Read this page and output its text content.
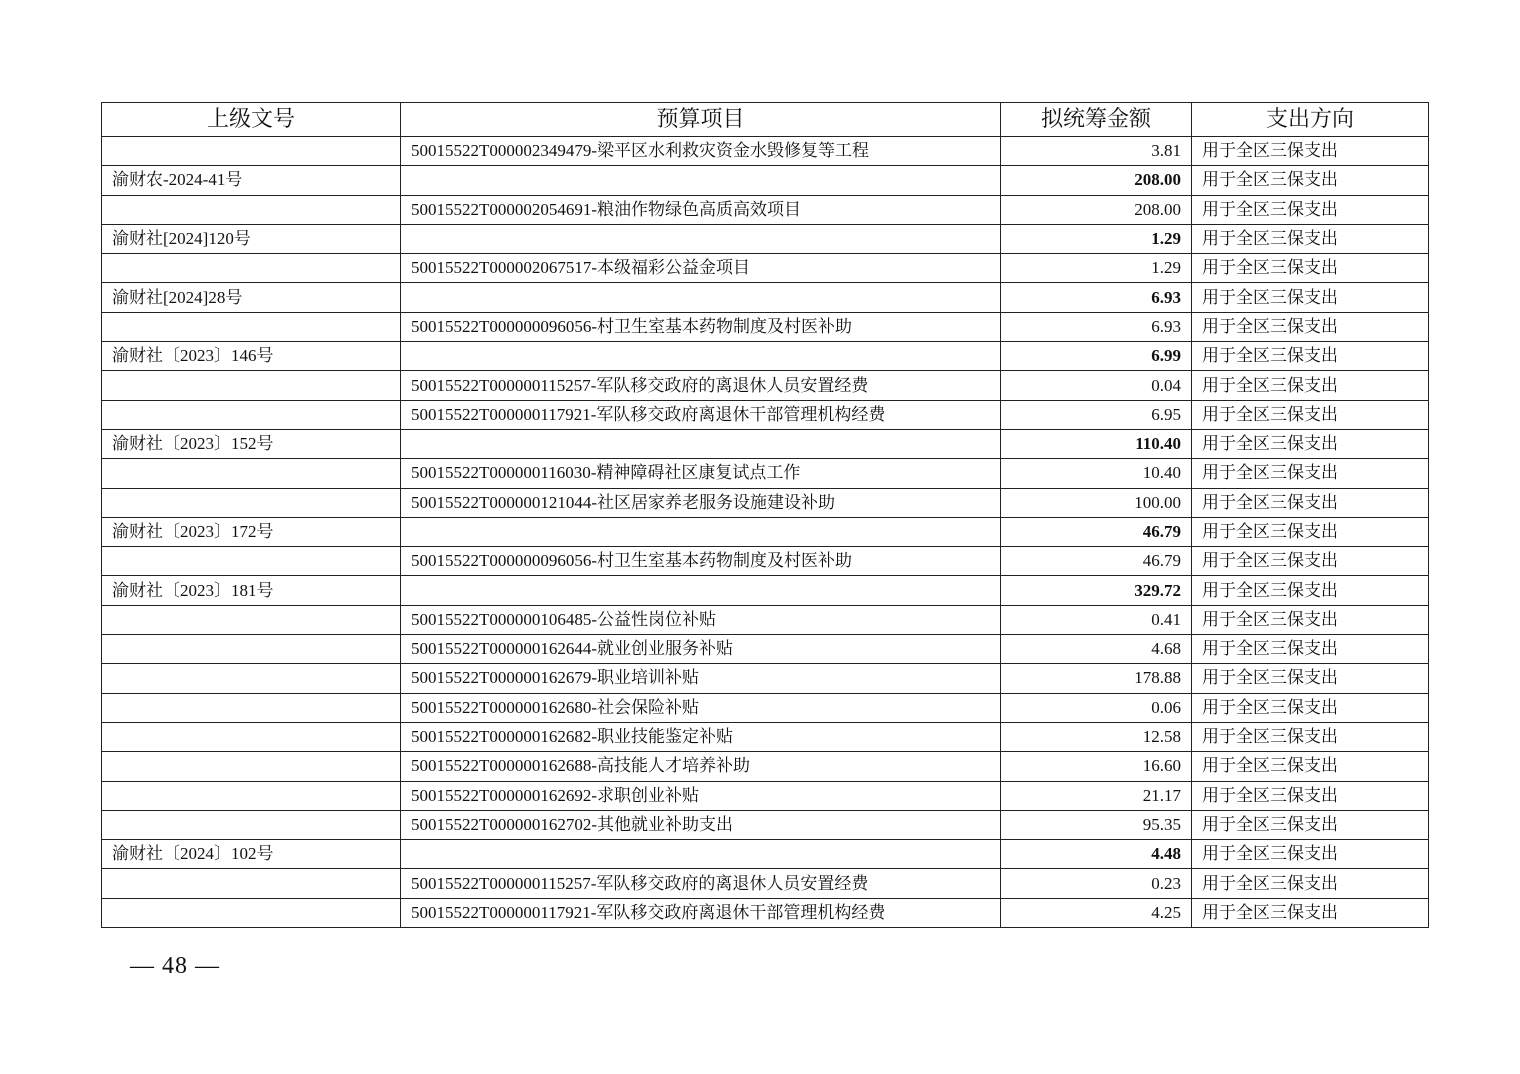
上级文号	预算项目	拟统筹金额	支出方向
	50015522T000002349479-梁平区水利救灾资金水毁修复等工程	3.81	用于全区三保支出
渝财农-2024-41号		208.00	用于全区三保支出
	50015522T000002054691-粮油作物绿色高质高效项目	208.00	用于全区三保支出
渝财社[2024]120号		1.29	用于全区三保支出
	50015522T000002067517-本级福彩公益金项目	1.29	用于全区三保支出
渝财社[2024]28号		6.93	用于全区三保支出
	50015522T000000096056-村卫生室基本药物制度及村医补助	6.93	用于全区三保支出
渝财社〔2023〕146号		6.99	用于全区三保支出
	50015522T000000115257-军队移交政府的离退休人员安置经费	0.04	用于全区三保支出
	50015522T000000117921-军队移交政府离退休干部管理机构经费	6.95	用于全区三保支出
渝财社〔2023〕152号		110.40	用于全区三保支出
	50015522T000000116030-精神障碍社区康复试点工作	10.40	用于全区三保支出
	50015522T000000121044-社区居家养老服务设施建设补助	100.00	用于全区三保支出
渝财社〔2023〕172号		46.79	用于全区三保支出
	50015522T000000096056-村卫生室基本药物制度及村医补助	46.79	用于全区三保支出
渝财社〔2023〕181号		329.72	用于全区三保支出
	50015522T000000106485-公益性岗位补贴	0.41	用于全区三保支出
	50015522T000000162644-就业创业服务补贴	4.68	用于全区三保支出
	50015522T000000162679-职业培训补贴	178.88	用于全区三保支出
	50015522T000000162680-社会保险补贴	0.06	用于全区三保支出
	50015522T000000162682-职业技能鉴定补贴	12.58	用于全区三保支出
	50015522T000000162688-高技能人才培养补助	16.60	用于全区三保支出
	50015522T000000162692-求职创业补贴	21.17	用于全区三保支出
	50015522T000000162702-其他就业补助支出	95.35	用于全区三保支出
渝财社〔2024〕102号		4.48	用于全区三保支出
	50015522T000000115257-军队移交政府的离退休人员安置经费	0.23	用于全区三保支出
	50015522T000000117921-军队移交政府离退休干部管理机构经费	4.25	用于全区三保支出
— 48 —
